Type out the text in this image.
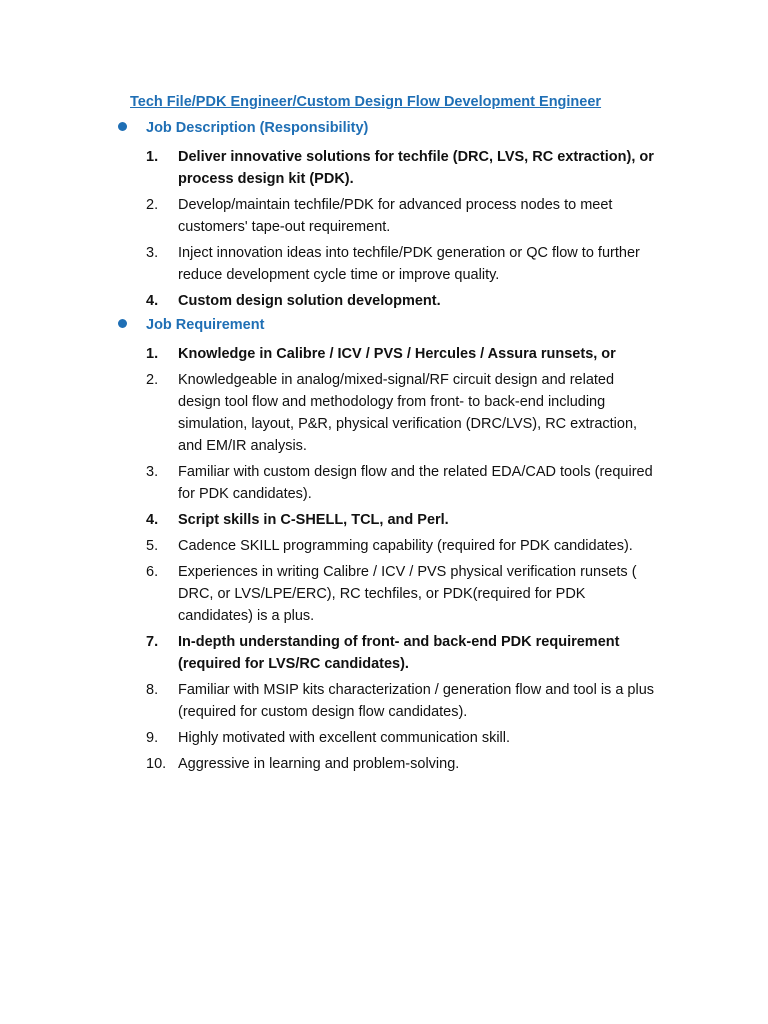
Tech File/PDK Engineer/Custom Design Flow Development Engineer
Job Description (Responsibility)
1.	Deliver innovative solutions for techfile (DRC, LVS, RC extraction), or process design kit (PDK).
2.	Develop/maintain techfile/PDK for advanced process nodes to meet customers' tape-out requirement.
3.	Inject innovation ideas into techfile/PDK generation or QC flow to further reduce development cycle time or improve quality.
4.	Custom design solution development.
Job Requirement
1.	Knowledge in Calibre / ICV / PVS / Hercules / Assura runsets, or
2.	Knowledgeable in analog/mixed-signal/RF circuit design and related design tool flow and methodology from front- to back-end including simulation, layout, P&R, physical verification (DRC/LVS), RC extraction, and EM/IR analysis.
3.	Familiar with custom design flow and the related EDA/CAD tools (required for PDK candidates).
4.	Script skills in C-SHELL, TCL, and Perl.
5.	Cadence SKILL programming capability (required for PDK candidates).
6.	Experiences in writing Calibre / ICV / PVS physical verification runsets ( DRC, or LVS/LPE/ERC), RC techfiles, or PDK(required for PDK candidates) is a plus.
7.	In-depth understanding of front- and back-end PDK requirement (required for LVS/RC candidates).
8.	Familiar with MSIP kits characterization / generation flow and tool is a plus (required for custom design flow candidates).
9.	Highly motivated with excellent communication skill.
10. Aggressive in learning and problem-solving.
